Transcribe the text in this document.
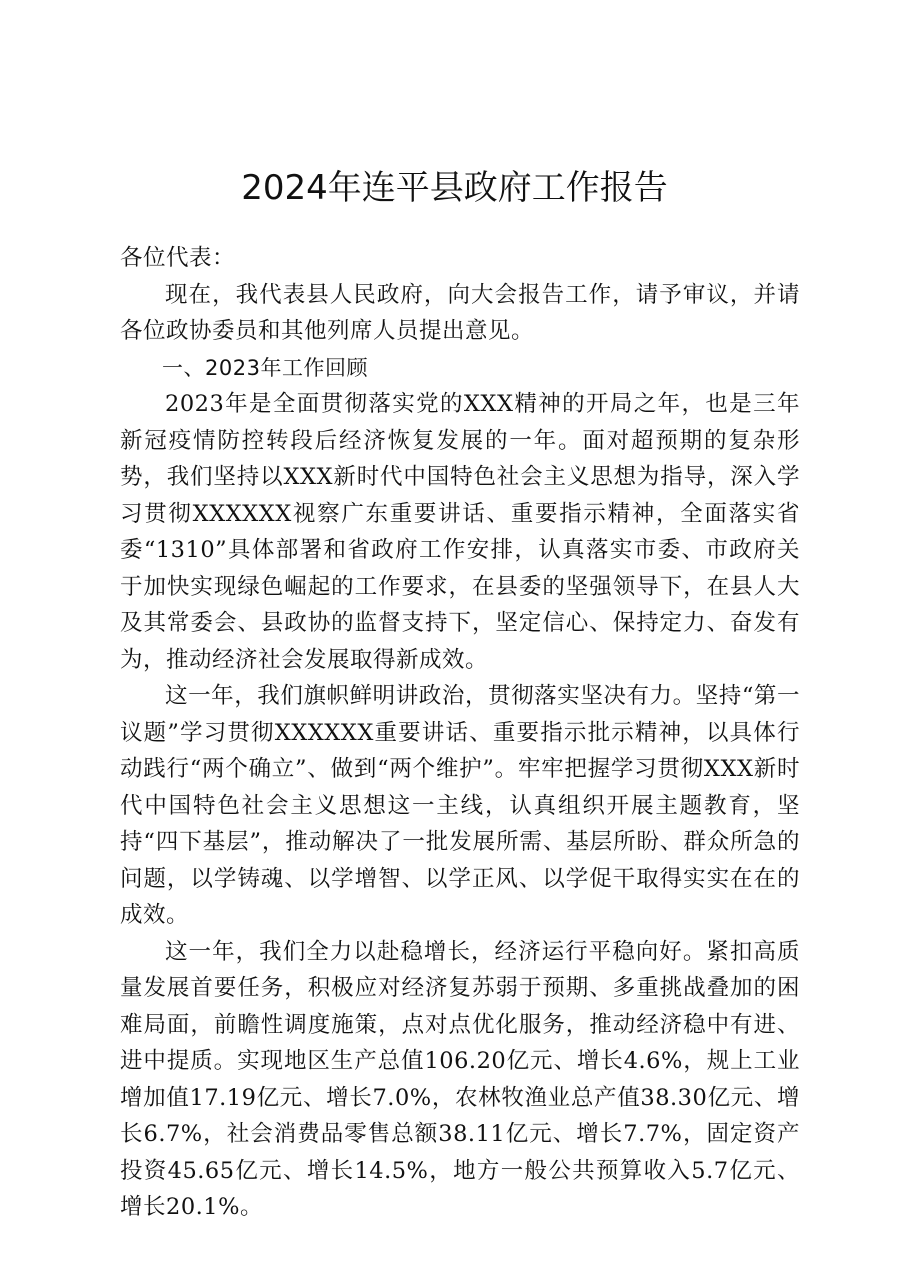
2024年连平县政府工作报告

各位代表：

现在，我代表县人民政府，向大会报告工作，请予审议，并请各位政协委员和其他列席人员提出意见。

一、2023年工作回顾

2023年是全面贯彻落实党的XXX精神的开局之年，也是三年新冠疫情防控转段后经济恢复发展的一年。面对超预期的复杂形势，我们坚持以XXX新时代中国特色社会主义思想为指导，深入学习贯彻XXXXXX视察广东重要讲话、重要指示精神，全面落实省委“1310”具体部署和省政府工作安排，认真落实市委、市政府关于加快实现绿色崛起的工作要求，在县委的坚强领导下，在县人大及其常委会、县政协的监督支持下，坚定信心、保持定力、奋发有为，推动经济社会发展取得新成效。

这一年，我们旗帜鲜明讲政治，贯彻落实坚决有力。坚持“第一议题”学习贯彻XXXXXX重要讲话、重要指示批示精神，以具体行动践行“两个确立”、做到“两个维护”。牢牢把握学习贯彻XXX新时代中国特色社会主义思想这一主线，认真组织开展主题教育，坚持“四下基层”，推动解决了一批发展所需、基层所盼、群众所急的问题，以学铸魂、以学增智、以学正风、以学促干取得实实在在的成效。

这一年，我们全力以赴稳增长，经济运行平稳向好。紧扣高质量发展首要任务，积极应对经济复苏弱于预期、多重挑战叠加的困难局面，前瞻性调度施策，点对点优化服务，推动经济稳中有进、进中提质。实现地区生产总值106.20亿元、增长4.6%，规上工业增加值17.19亿元、增长7.0%，农林牧渔业总产值38.30亿元、增长6.7%，社会消费品零售总额38.11亿元、增长7.7%，固定资产投资45.65亿元、增长14.5%，地方一般公共预算收入5.7亿元、增长20.1%。
